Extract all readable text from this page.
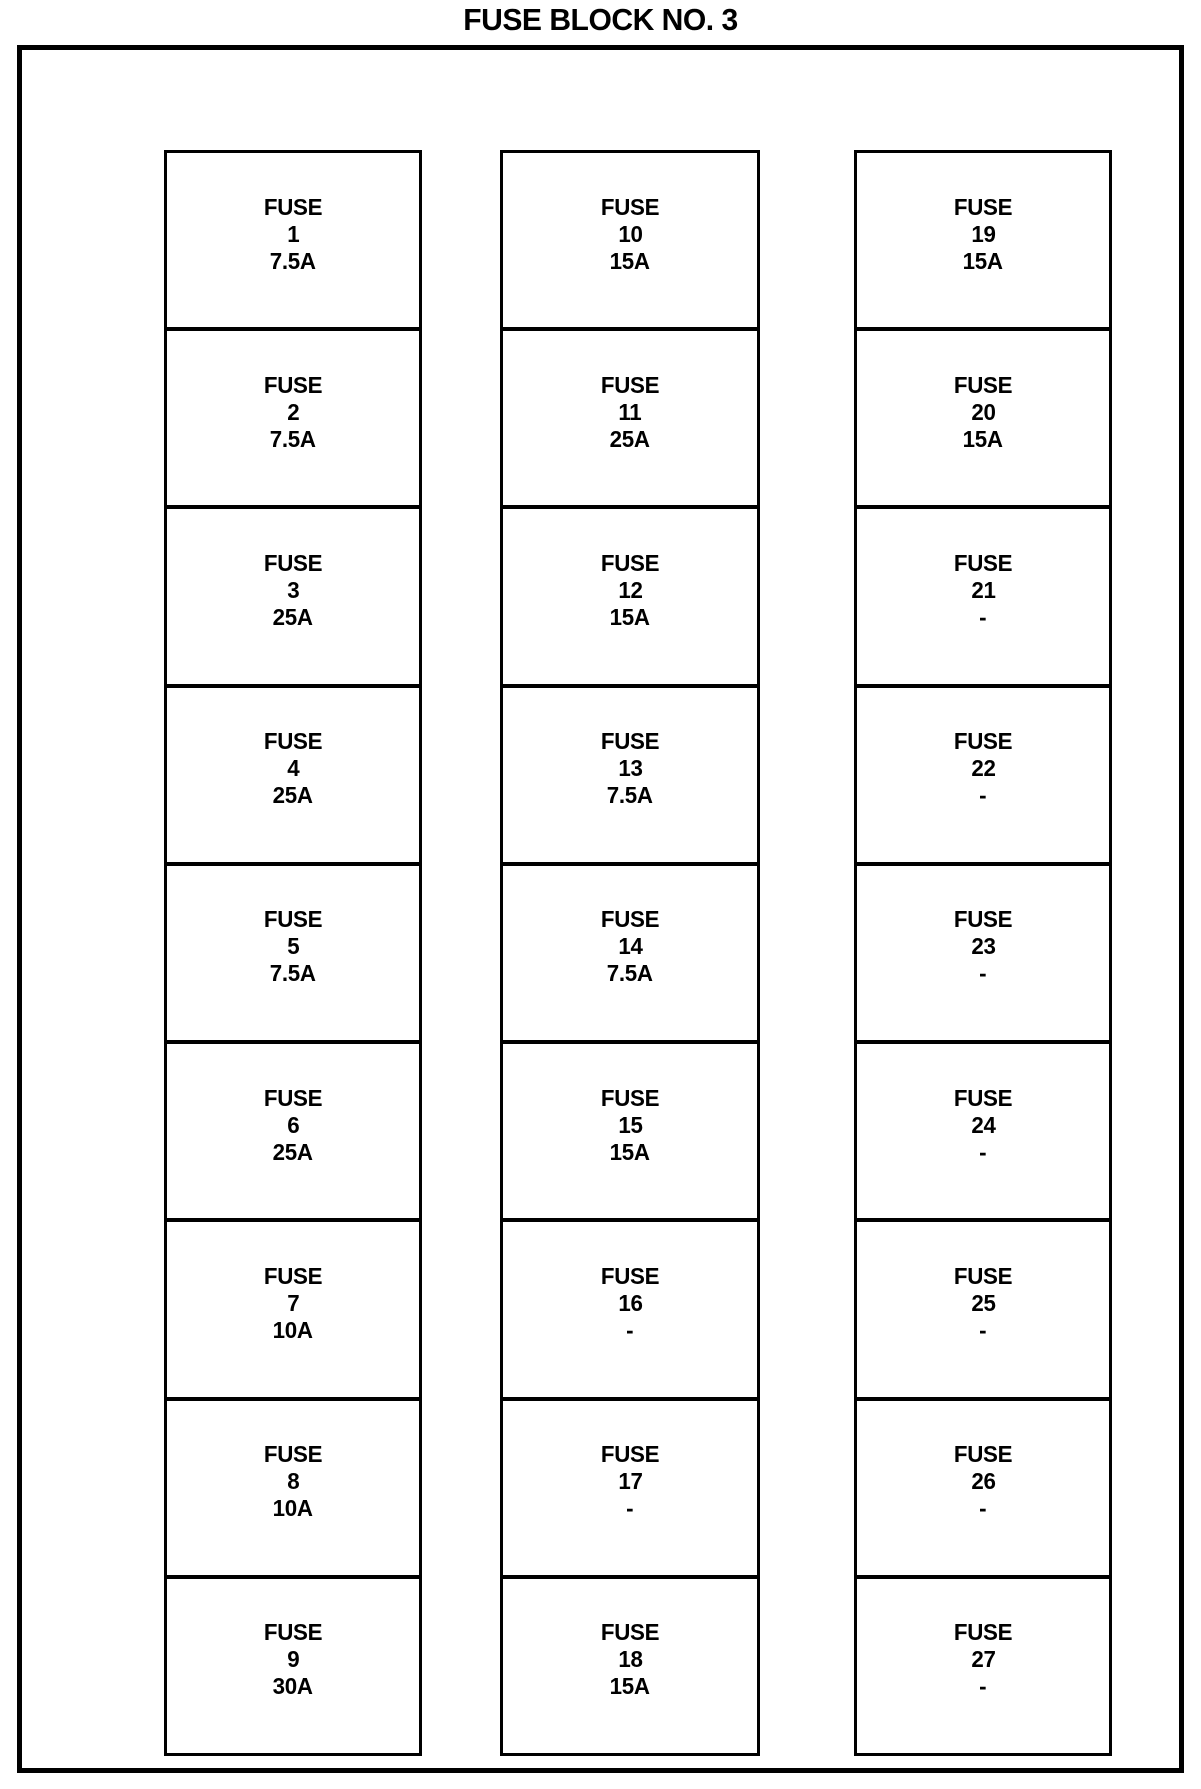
FUSE BLOCK NO. 3
FUSE
1
7.5A
FUSE
2
7.5A
FUSE
3
25A
FUSE
4
25A
FUSE
5
7.5A
FUSE
6
25A
FUSE
7
10A
FUSE
8
10A
FUSE
9
30A
FUSE
10
15A
FUSE
11
25A
FUSE
12
15A
FUSE
13
7.5A
FUSE
14
7.5A
FUSE
15
15A
FUSE
16
-
FUSE
17
-
FUSE
18
15A
FUSE
19
15A
FUSE
20
15A
FUSE
21
-
FUSE
22
-
FUSE
23
-
FUSE
24
-
FUSE
25
-
FUSE
26
-
FUSE
27
-
